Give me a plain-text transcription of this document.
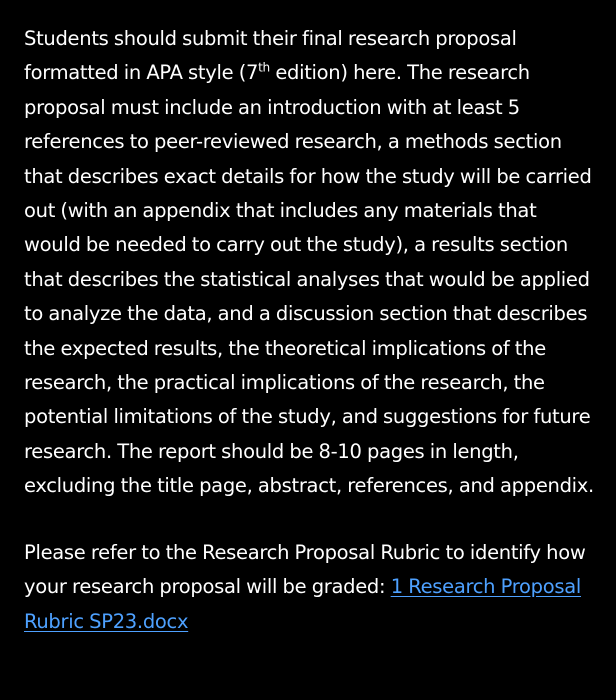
Students should submit their final research proposal formatted in APA style (7th edition) here. The research proposal must include an introduction with at least 5 references to peer-reviewed research, a methods section that describes exact details for how the study will be carried out (with an appendix that includes any materials that would be needed to carry out the study), a results section that describes the statistical analyses that would be applied to analyze the data, and a discussion section that describes the expected results, the theoretical implications of the research, the practical implications of the research, the potential limitations of the study, and suggestions for future research. The report should be 8-10 pages in length, excluding the title page, abstract, references, and appendix.

Please refer to the Research Proposal Rubric to identify how your research proposal will be graded: 1 Research Proposal Rubric SP23.docx
